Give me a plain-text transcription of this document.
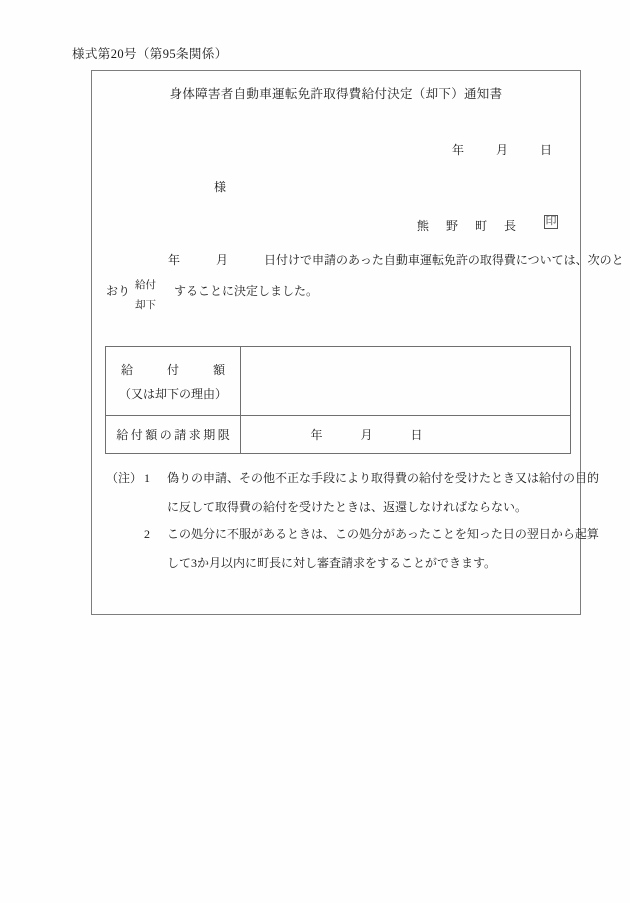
様式第20号（第95条関係）
身体障害者自動車運転免許取得費給付決定（却下）通知書
年	月	日
様
熊 野 町 長 印
年	月	日付けで申請のあった自動車運転免許の取得費については、次のと
おり 給付
却下
することに決定しました。
給　付　額
（又は却下の理由）	

給付額の請求期限	年 月 日
（注） 1	偽りの申請、その他不正な手段により取得費の給付を受けたとき又は給付の目的
に反して取得費の給付を受けたときは、返還しなければならない。
2	この処分に不服があるときは、この処分があったことを知った日の翌日から起算
して3か月以内に町長に対し審査請求をすることができます。
